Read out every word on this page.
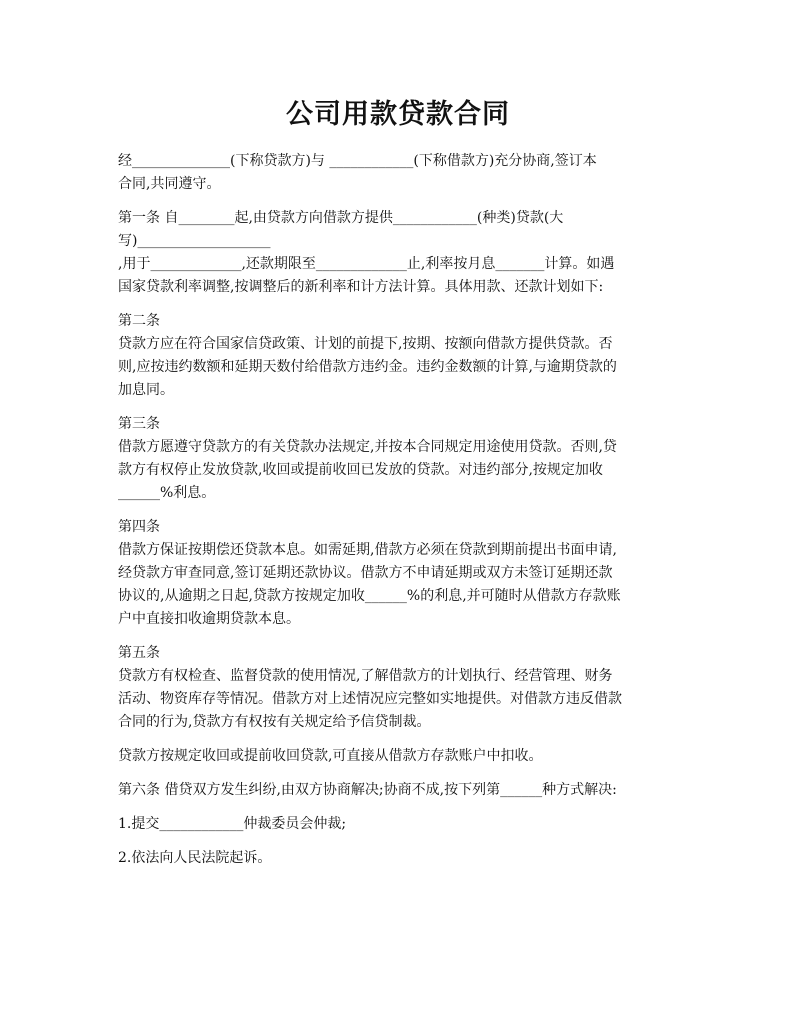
公司用款贷款合同

经______________(下称贷款方)与 ____________(下称借款方)充分协商,签订本
合同,共同遵守。

第一条 自________起,由贷款方向借款方提供____________(种类)贷款(大
写)___________________
,用于_____________,还款期限至_____________止,利率按月息_______计算。如遇
国家贷款利率调整,按调整后的新利率和计方法计算。具体用款、还款计划如下:

第二条
贷款方应在符合国家信贷政策、计划的前提下,按期、按额向借款方提供贷款。否
则,应按违约数额和延期天数付给借款方违约金。违约金数额的计算,与逾期贷款的
加息同。

第三条
借款方愿遵守贷款方的有关贷款办法规定,并按本合同规定用途使用贷款。否则,贷
款方有权停止发放贷款,收回或提前收回已发放的贷款。对违约部分,按规定加收
______%利息。

第四条
借款方保证按期偿还贷款本息。如需延期,借款方必须在贷款到期前提出书面申请,
经贷款方审查同意,签订延期还款协议。借款方不申请延期或双方未签订延期还款
协议的,从逾期之日起,贷款方按规定加收______%的利息,并可随时从借款方存款账
户中直接扣收逾期贷款本息。

第五条
贷款方有权检查、监督贷款的使用情况,了解借款方的计划执行、经营管理、财务
活动、物资库存等情况。借款方对上述情况应完整如实地提供。对借款方违反借款
合同的行为,贷款方有权按有关规定给予信贷制裁。

贷款方按规定收回或提前收回贷款,可直接从借款方存款账户中扣收。

第六条 借贷双方发生纠纷,由双方协商解决;协商不成,按下列第______种方式解决:

1.提交____________仲裁委员会仲裁;

2.依法向人民法院起诉。
